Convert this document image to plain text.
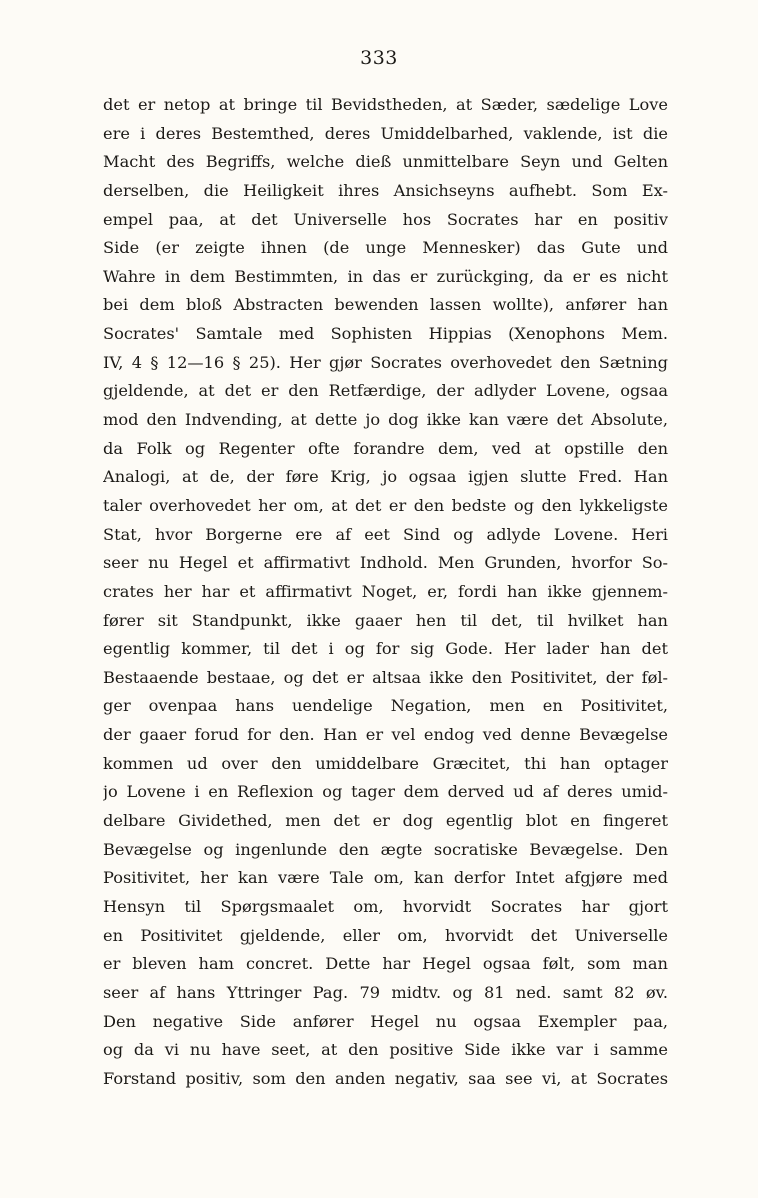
333
det er netop at bringe til Bevidstheden, at Sæder, sædelige Love
ere i deres Bestemthed, deres Umiddelbarhed, vaklende, ist die
Macht des Begriffs, welche dieß unmittelbare Seyn und Gelten
derselben, die Heiligkeit ihres Ansichseyns aufhebt. Som Ex-
empel paa, at det Universelle hos Socrates har en positiv
Side (er zeigte ihnen (de unge Mennesker) das Gute und
Wahre in dem Bestimmten, in das er zurückging, da er es nicht
bei dem bloß Abstracten bewenden lassen wollte), anfører han
Socrates' Samtale med Sophisten Hippias (Xenophons Mem.
IV, 4 § 12—16 § 25). Her gjør Socrates overhovedet den Sætning
gjeldende, at det er den Retfærdige, der adlyder Lovene, ogsaa
mod den Indvending, at dette jo dog ikke kan være det Absolute,
da Folk og Regenter ofte forandre dem, ved at opstille den
Analogi, at de, der føre Krig, jo ogsaa igjen slutte Fred. Han
taler overhovedet her om, at det er den bedste og den lykkeligste
Stat, hvor Borgerne ere af eet Sind og adlyde Lovene. Heri
seer nu Hegel et affirmativt Indhold. Men Grunden, hvorfor So-
crates her har et affirmativt Noget, er, fordi han ikke gjennem-
fører sit Standpunkt, ikke gaaer hen til det, til hvilket han
egentlig kommer, til det i og for sig Gode. Her lader han det
Bestaaende bestaae, og det er altsaa ikke den Positivitet, der føl-
ger ovenpaa hans uendelige Negation, men en Positivitet,
der gaaer forud for den. Han er vel endog ved denne Bevægelse
kommen ud over den umiddelbare Græcitet, thi han optager
jo Lovene i en Reflexion og tager dem derved ud af deres umid-
delbare Gividethed, men det er dog egentlig blot en fingeret
Bevægelse og ingenlunde den ægte socratiske Bevægelse. Den
Positivitet, her kan være Tale om, kan derfor Intet afgjøre med
Hensyn til Spørgsmaalet om, hvorvidt Socrates har gjort
en Positivitet gjeldende, eller om, hvorvidt det Universelle
er bleven ham concret. Dette har Hegel ogsaa følt, som man
seer af hans Yttringer Pag. 79 midtv. og 81 ned. samt 82 øv.
Den negative Side anfører Hegel nu ogsaa Exempler paa,
og da vi nu have seet, at den positive Side ikke var i samme
Forstand positiv, som den anden negativ, saa see vi, at Socrates
